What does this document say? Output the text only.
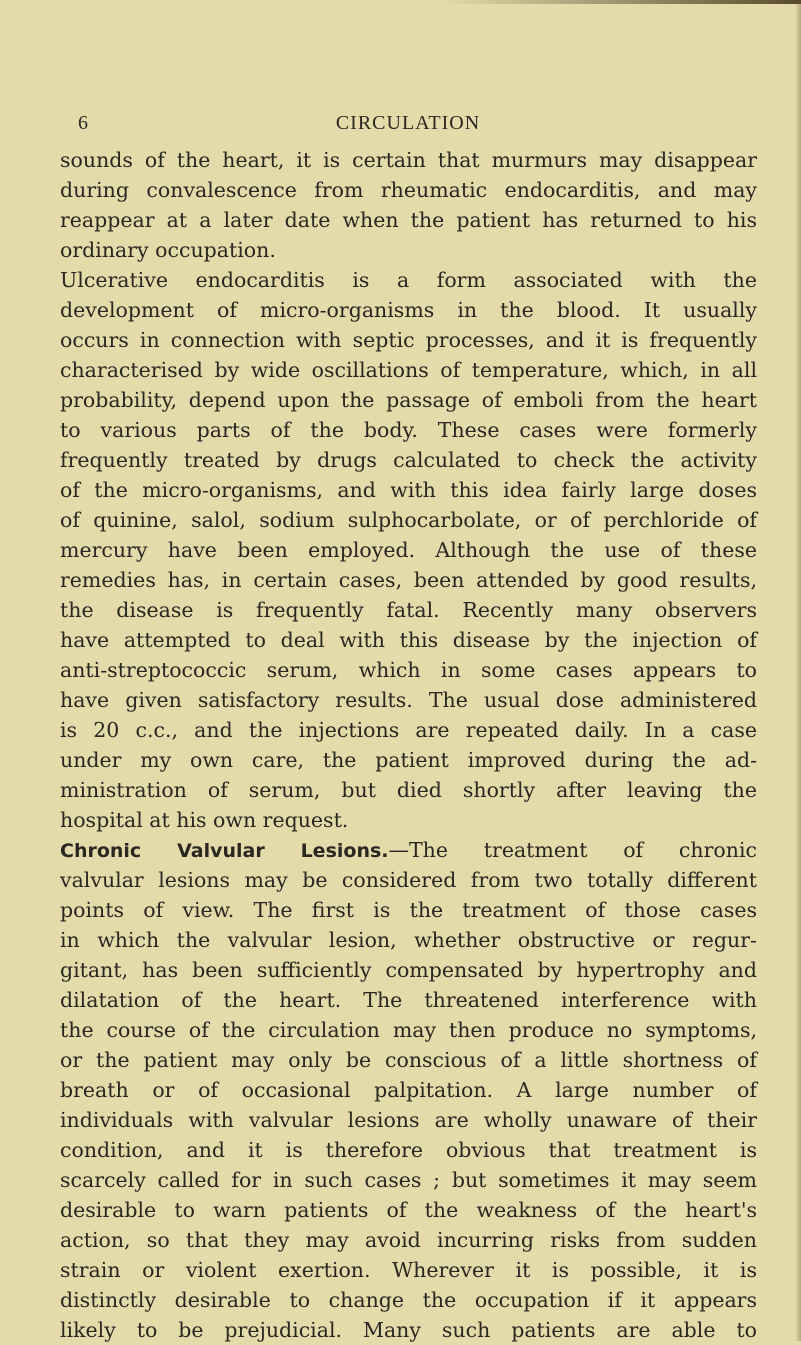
6	CIRCULATION
sounds of the heart, it is certain that murmurs may disappear
during convalescence from rheumatic endocarditis, and may
reappear at a later date when the patient has returned to his
ordinary occupation.
Ulcerative endocarditis is a form associated with the
development of micro-organisms in the blood. It usually
occurs in connection with septic processes, and it is frequently
characterised by wide oscillations of temperature, which, in all
probability, depend upon the passage of emboli from the heart
to various parts of the body. These cases were formerly
frequently treated by drugs calculated to check the activity
of the micro-organisms, and with this idea fairly large doses
of quinine, salol, sodium sulphocarbolate, or of perchloride of
mercury have been employed. Although the use of these
remedies has, in certain cases, been attended by good results,
the disease is frequently fatal. Recently many observers
have attempted to deal with this disease by the injection of
anti-streptococcic serum, which in some cases appears to
have given satisfactory results. The usual dose administered
is 20 c.c., and the injections are repeated daily. In a case
under my own care, the patient improved during the ad-
ministration of serum, but died shortly after leaving the
hospital at his own request.
Chronic Valvular Lesions.—The treatment of chronic
valvular lesions may be considered from two totally different
points of view. The first is the treatment of those cases
in which the valvular lesion, whether obstructive or regur-
gitant, has been sufficiently compensated by hypertrophy and
dilatation of the heart. The threatened interference with
the course of the circulation may then produce no symptoms,
or the patient may only be conscious of a little shortness of
breath or of occasional palpitation. A large number of
individuals with valvular lesions are wholly unaware of their
condition, and it is therefore obvious that treatment is
scarcely called for in such cases ; but sometimes it may seem
desirable to warn patients of the weakness of the heart's
action, so that they may avoid incurring risks from sudden
strain or violent exertion. Wherever it is possible, it is
distinctly desirable to change the occupation if it appears
likely to be prejudicial. Many such patients are able to
